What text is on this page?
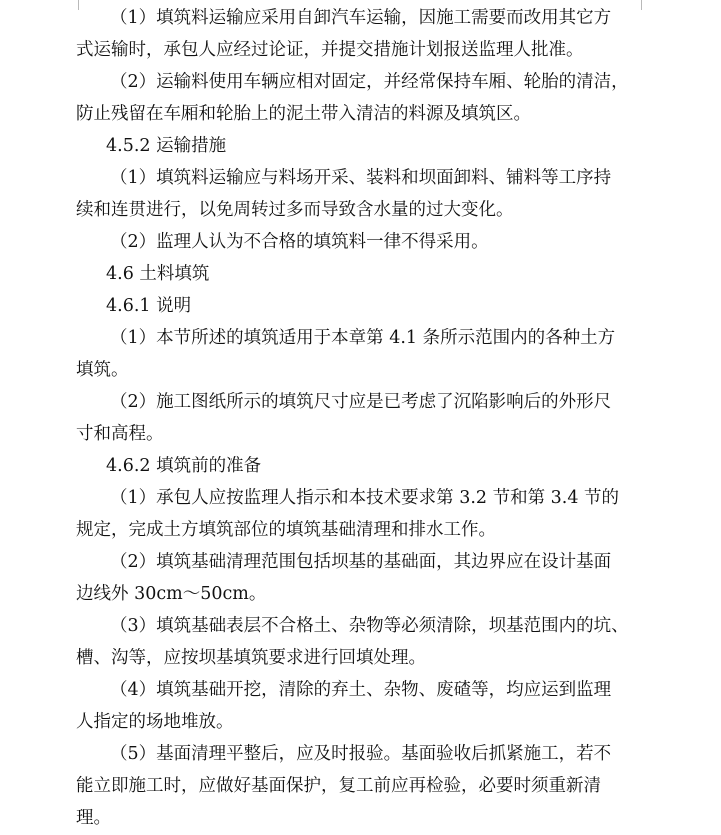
（1）填筑料运输应采用自卸汽车运输，因施工需要而改用其它方
式运输时，承包人应经过论证，并提交措施计划报送监理人批准。
（2）运输料使用车辆应相对固定，并经常保持车厢、轮胎的清洁，
防止残留在车厢和轮胎上的泥土带入清洁的料源及填筑区。
4.5.2 运输措施
（1）填筑料运输应与料场开采、装料和坝面卸料、铺料等工序持
续和连贯进行，以免周转过多而导致含水量的过大变化。
（2）监理人认为不合格的填筑料一律不得采用。
4.6 土料填筑
4.6.1 说明
（1）本节所述的填筑适用于本章第 4.1 条所示范围内的各种土方
填筑。
（2）施工图纸所示的填筑尺寸应是已考虑了沉陷影响后的外形尺
寸和高程。
4.6.2 填筑前的准备
（1）承包人应按监理人指示和本技术要求第 3.2 节和第 3.4 节的
规定，完成土方填筑部位的填筑基础清理和排水工作。
（2）填筑基础清理范围包括坝基的基础面，其边界应在设计基面
边线外 30cm～50cm。
（3）填筑基础表层不合格土、杂物等必须清除，坝基范围内的坑、
槽、沟等，应按坝基填筑要求进行回填处理。
（4）填筑基础开挖，清除的弃土、杂物、废碴等，均应运到监理
人指定的场地堆放。
（5）基面清理平整后，应及时报验。基面验收后抓紧施工，若不
能立即施工时，应做好基面保护，复工前应再检验，必要时须重新清
理。
